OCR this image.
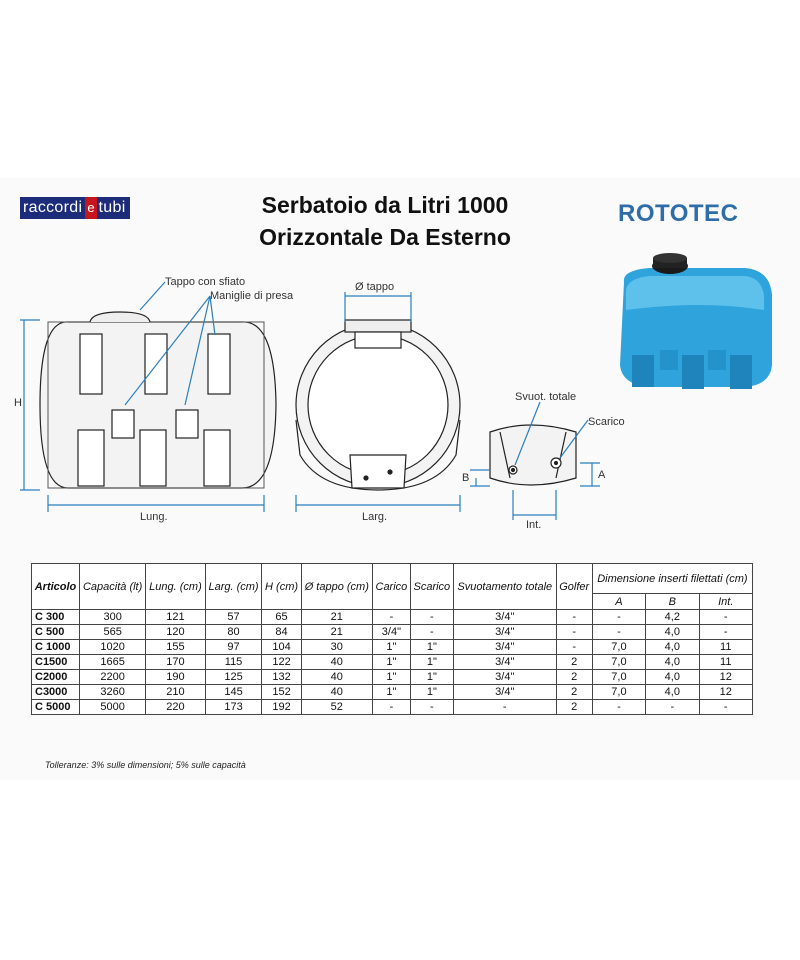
raccordi e tubi	Serbatoio da Litri 1000
Orizzontale Da Esterno
ROTOTEC
Tappo con sfiato
Maniglie di presa
H
Lung.
Ø tappo
Larg.
Svuot. totale
Scarico
A
B
Int.
Articolo	Capacità (lt)	Lung. (cm)	Larg. (cm)	H (cm)	Ø tappo (cm)	Carico	Scarico	Svuotamento totale	Golfer	Dimensione inserti filettati (cm)		
										A	B	Int.
C 300	300	121	57	65	21	-	-	3/4"	-	-	4,2	-
C 500	565	120	80	84	21	3/4"	-	3/4"	-	-	4,0	-
C 1000	1020	155	97	104	30	1"	1"	3/4"	-	7,0	4,0	11
C1500	1665	170	115	122	40	1"	1"	3/4"	2	7,0	4,0	11
C2000	2200	190	125	132	40	1"	1"	3/4"	2	7,0	4,0	12
C3000	3260	210	145	152	40	1"	1"	3/4"	2	7,0	4,0	12
C 5000	5000	220	173	192	52	-	-	-	2	-	-	-
Tolleranze: 3% sulle dimensioni; 5% sulle capacità
